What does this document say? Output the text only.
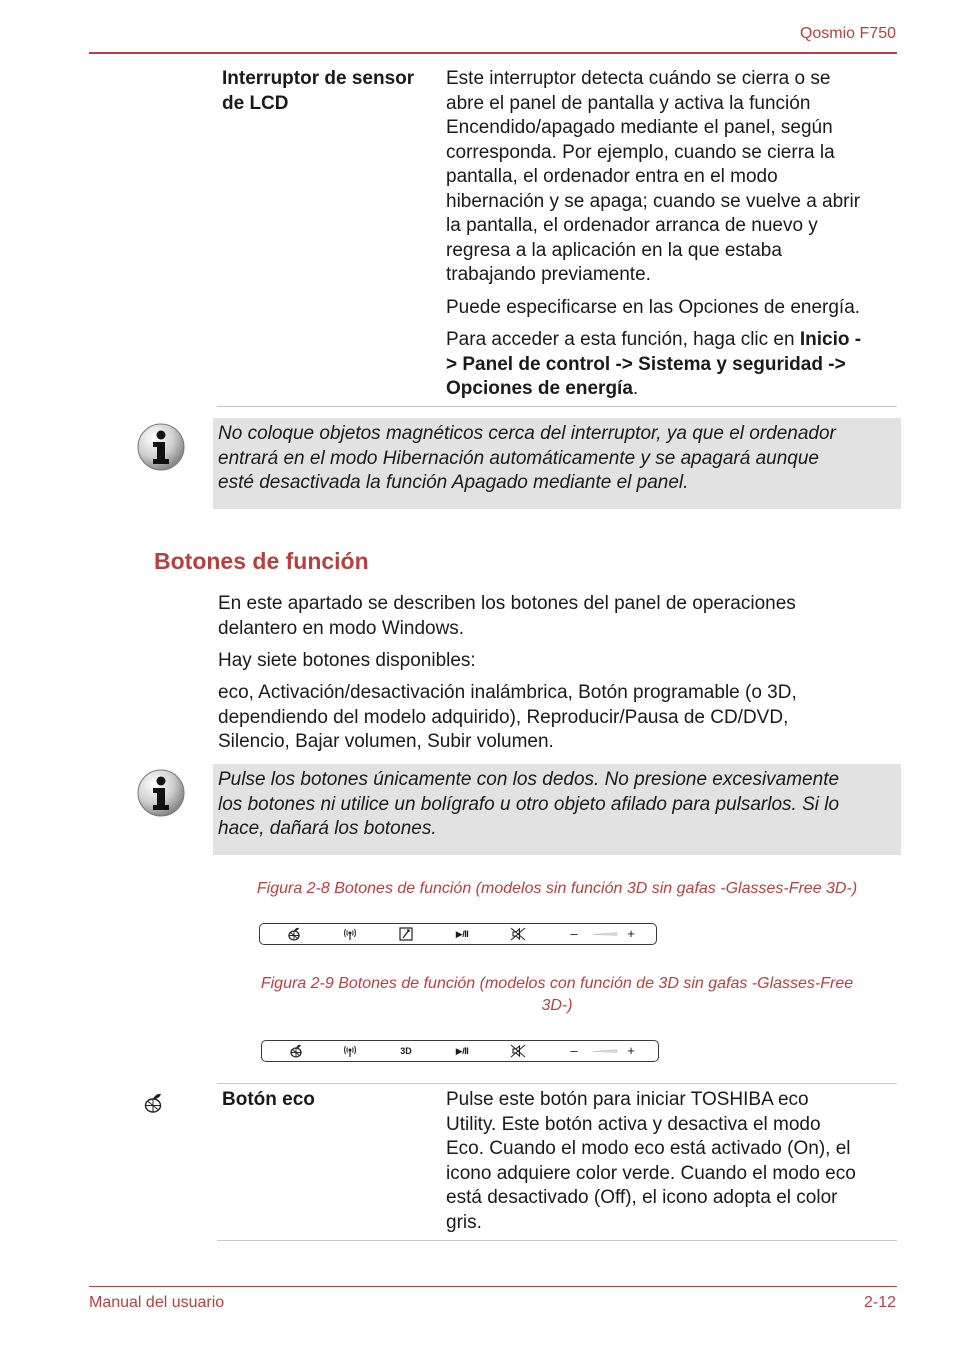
Qosmio F750
Interruptor de sensor
de LCD

Este interruptor detecta cuándo se cierra o se
abre el panel de pantalla y activa la función
Encendido/apagado mediante el panel, según
corresponda. Por ejemplo, cuando se cierra la
pantalla, el ordenador entra en el modo
hibernación y se apaga; cuando se vuelve a abrir
la pantalla, el ordenador arranca de nuevo y
regresa a la aplicación en la que estaba
trabajando previamente.

Puede especificarse en las Opciones de energía.

Para acceder a esta función, haga clic en Inicio -
> Panel de control -> Sistema y seguridad ->
Opciones de energía.

No coloque objetos magnéticos cerca del interruptor, ya que el ordenador
entrará en el modo Hibernación automáticamente y se apagará aunque
esté desactivada la función Apagado mediante el panel.
Botones de función
En este apartado se describen los botones del panel de operaciones
delantero en modo Windows.
Hay siete botones disponibles:
eco, Activación/desactivación inalámbrica, Botón programable (o 3D,
dependiendo del modelo adquirido), Reproducir/Pausa de CD/DVD,
Silencio, Bajar volumen, Subir volumen.
Pulse los botones únicamente con los dedos. No presione excesivamente
los botones ni utilice un bolígrafo u otro objeto afilado para pulsarlos. Si lo
hace, dañará los botones.
Figura 2-8 Botones de función (modelos sin función 3D sin gafas -Glasses-Free 3D-)
▶/II	–	+
Figura 2-9 Botones de función (modelos con función de 3D sin gafas -Glasses-Free
3D-)
3D	▶/II	–	+
Botón eco	Pulse este botón para iniciar TOSHIBA eco
Utility. Este botón activa y desactiva el modo
Eco. Cuando el modo eco está activado (On), el
icono adquiere color verde. Cuando el modo eco
está desactivado (Off), el icono adopta el color
gris.
Manual del usuario	2-12
